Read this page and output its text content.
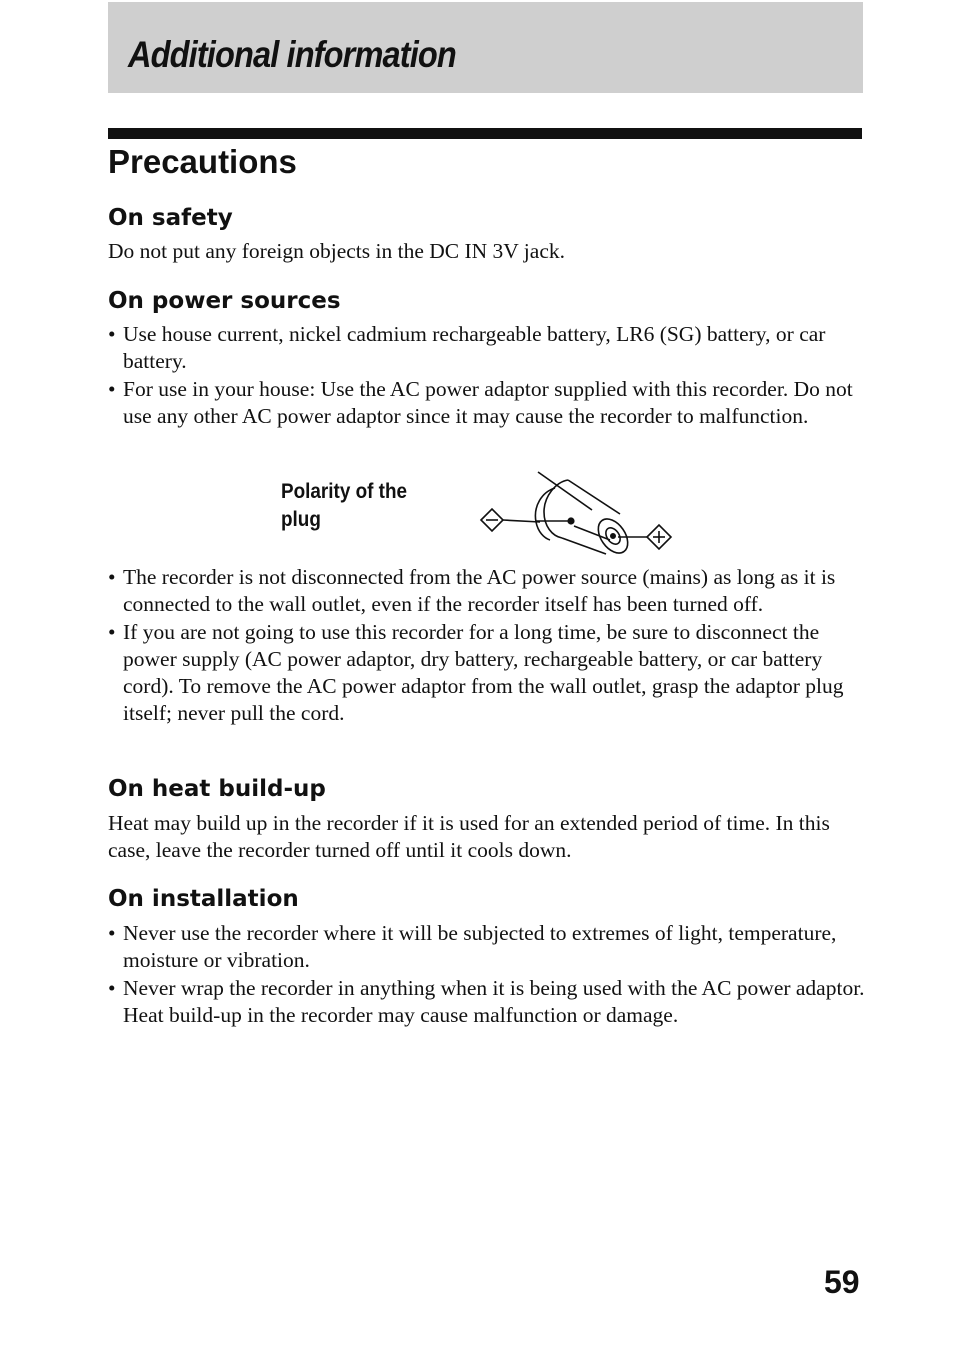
Additional information
Precautions
On safety

Do not put any foreign objects in the DC IN 3V jack.

On power sources
• Use house current, nickel cadmium rechargeable battery, LR6 (SG) battery, or car battery.
• For use in your house: Use the AC power adaptor supplied with this recorder. Do not use any other AC power adaptor since it may cause the recorder to malfunction.
Polarity of the plug
• The recorder is not disconnected from the AC power source (mains) as long as it is connected to the wall outlet, even if the recorder itself has been turned off.
• If you are not going to use this recorder for a long time, be sure to disconnect the power supply (AC power adaptor, dry battery, rechargeable battery, or car battery cord). To remove the AC power adaptor from the wall outlet, grasp the adaptor plug itself; never pull the cord.
On heat build-up

Heat may build up in the recorder if it is used for an extended period of time. In this case, leave the recorder turned off until it cools down.

On installation
• Never use the recorder where it will be subjected to extremes of light, temperature, moisture or vibration.
• Never wrap the recorder in anything when it is being used with the AC power adaptor. Heat build-up in the recorder may cause malfunction or damage.
59
